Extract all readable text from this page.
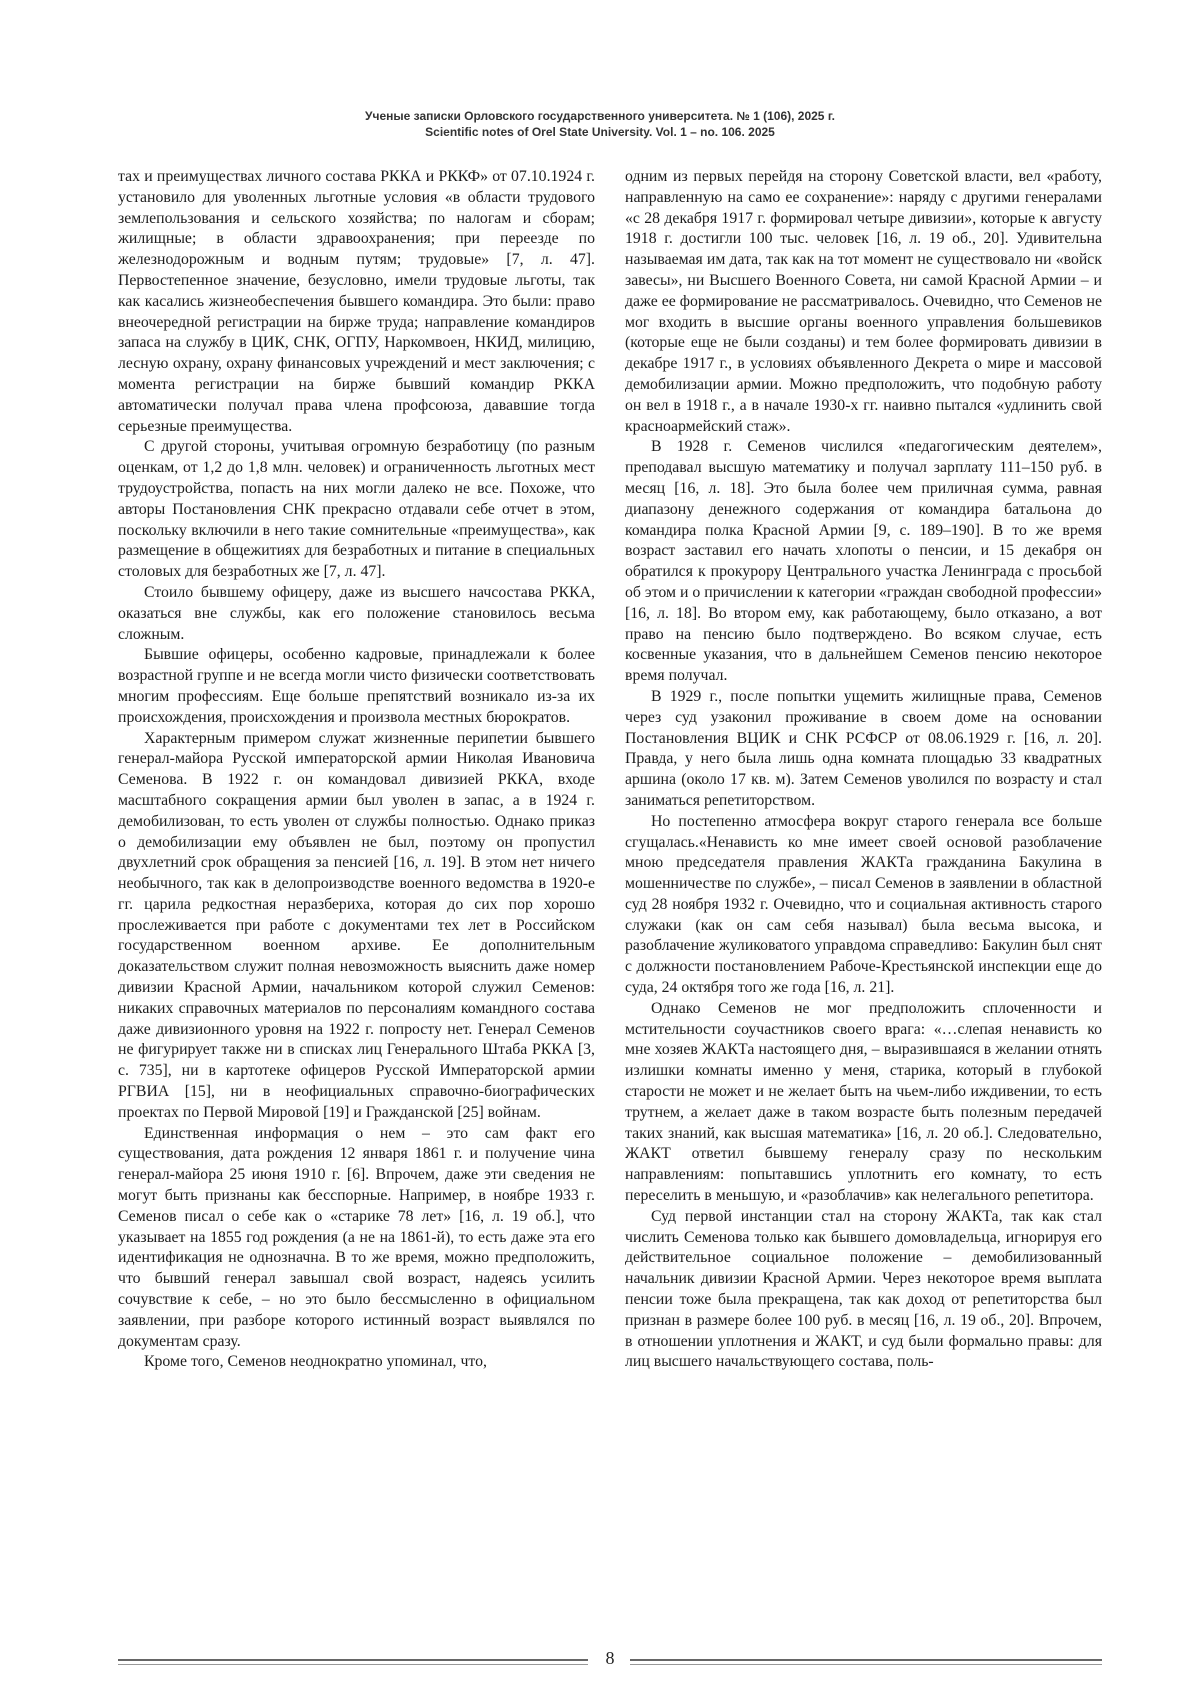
Ученые записки Орловского государственного университета. № 1 (106), 2025 г.
Scientific notes of Orel State University. Vol. 1 – no. 106. 2025

тах и преимуществах личного состава РККА и РККФ» от 07.10.1924 г. установило для уволенных льготные условия «в области трудового землепользования и сельского хозяйства; по налогам и сборам; жилищные; в области здравоохранения; при переезде по железнодорожным и водным путям; трудовые» [7, л. 47]. Первостепенное значение, безусловно, имели трудовые льготы, так как касались жизнеобеспечения бывшего командира. Это были: право внеочередной регистрации на бирже труда; направление командиров запаса на службу в ЦИК, СНК, ОГПУ, Наркомвоен, НКИД, милицию, лесную охрану, охрану финансовых учреждений и мест заключения; с момента регистрации на бирже бывший командир РККА автоматически получал права члена профсоюза, дававшие тогда серьезные преимущества.

С другой стороны, учитывая огромную безработицу (по разным оценкам, от 1,2 до 1,8 млн. человек) и ограниченность льготных мест трудоустройства, попасть на них могли далеко не все. Похоже, что авторы Постановления СНК прекрасно отдавали себе отчет в этом, поскольку включили в него такие сомнительные «преимущества», как размещение в общежитиях для безработных и питание в специальных столовых для безработных же [7, л. 47].

Стоило бывшему офицеру, даже из высшего начсостава РККА, оказаться вне службы, как его положение становилось весьма сложным.

Бывшие офицеры, особенно кадровые, принадлежали к более возрастной группе и не всегда могли чисто физически соответствовать многим профессиям. Еще больше препятствий возникало из-за их происхождения, происхождения и произвола местных бюрократов.

Характерным примером служат жизненные перипетии бывшего генерал-майора Русской императорской армии Николая Ивановича Семенова. В 1922 г. он командовал дивизией РККА, входе масштабного сокращения армии был уволен в запас, а в 1924 г. демобилизован, то есть уволен от службы полностью. Однако приказ о демобилизации ему объявлен не был, поэтому он пропустил двухлетний срок обращения за пенсией [16, л. 19]. В этом нет ничего необычного, так как в делопроизводстве военного ведомства в 1920-е гг. царила редкостная неразбериха, которая до сих пор хорошо прослеживается при работе с документами тех лет в Российском государственном военном архиве. Ее дополнительным доказательством служит полная невозможность выяснить даже номер дивизии Красной Армии, начальником которой служил Семенов: никаких справочных материалов по персоналиям командного состава даже дивизионного уровня на 1922 г. попросту нет. Генерал Семенов не фигурирует также ни в списках лиц Генерального Штаба РККА [3, с. 735], ни в картотеке офицеров Русской Императорской армии РГВИА [15], ни в неофициальных справочно-биографических проектах по Первой Мировой [19] и Гражданской [25] войнам.

Единственная информация о нем – это сам факт его существования, дата рождения 12 января 1861 г. и получение чина генерал-майора 25 июня 1910 г. [6]. Впрочем, даже эти сведения не могут быть признаны как бесспорные. Например, в ноябре 1933 г. Семенов писал о себе как о «старике 78 лет» [16, л. 19 об.], что указывает на 1855 год рождения (а не на 1861-й), то есть даже эта его идентификация не однозначна. В то же время, можно предположить, что бывший генерал завышал свой возраст, надеясь усилить сочувствие к себе, – но это было бессмысленно в официальном заявлении, при разборе которого истинный возраст выявлялся по документам сразу.

Кроме того, Семенов неоднократно упоминал, что,

одним из первых перейдя на сторону Советской власти, вел «работу, направленную на само ее сохранение»: наряду с другими генералами «с 28 декабря 1917 г. формировал четыре дивизии», которые к августу 1918 г. достигли 100 тыс. человек [16, л. 19 об., 20]. Удивительна называемая им дата, так как на тот момент не существовало ни «войск завесы», ни Высшего Военного Совета, ни самой Красной Армии – и даже ее формирование не рассматривалось. Очевидно, что Семенов не мог входить в высшие органы военного управления большевиков (которые еще не были созданы) и тем более формировать дивизии в декабре 1917 г., в условиях объявленного Декрета о мире и массовой демобилизации армии. Можно предположить, что подобную работу он вел в 1918 г., а в начале 1930-х гг. наивно пытался «удлинить свой красноармейский стаж».

В 1928 г. Семенов числился «педагогическим деятелем», преподавал высшую математику и получал зарплату 111–150 руб. в месяц [16, л. 18]. Это была более чем приличная сумма, равная диапазону денежного содержания от командира батальона до командира полка Красной Армии [9, с. 189–190]. В то же время возраст заставил его начать хлопоты о пенсии, и 15 декабря он обратился к прокурору Центрального участка Ленинграда с просьбой об этом и о причислении к категории «граждан свободной профессии» [16, л. 18]. Во втором ему, как работающему, было отказано, а вот право на пенсию было подтверждено. Во всяком случае, есть косвенные указания, что в дальнейшем Семенов пенсию некоторое время получал.

В 1929 г., после попытки ущемить жилищные права, Семенов через суд узаконил проживание в своем доме на основании Постановления ВЦИК и СНК РСФСР от 08.06.1929 г. [16, л. 20]. Правда, у него была лишь одна комната площадью 33 квадратных аршина (около 17 кв. м). Затем Семенов уволился по возрасту и стал заниматься репетиторством.

Но постепенно атмосфера вокруг старого генерала все больше сгущалась.«Ненависть ко мне имеет своей основой разоблачение мною председателя правления ЖАКТа гражданина Бакулина в мошенничестве по службе», – писал Семенов в заявлении в областной суд 28 ноября 1932 г. Очевидно, что и социальная активность старого служаки (как он сам себя называл) была весьма высока, и разоблачение жуликоватого управдома справедливо: Бакулин был снят с должности постановлением Рабоче-Крестьянской инспекции еще до суда, 24 октября того же года [16, л. 21].

Однако Семенов не мог предположить сплоченности и мстительности соучастников своего врага: «…слепая ненависть ко мне хозяев ЖАКТа настоящего дня, – выразившаяся в желании отнять излишки комнаты именно у меня, старика, который в глубокой старости не может и не желает быть на чьем-либо иждивении, то есть трутнем, а желает даже в таком возрасте быть полезным передачей таких знаний, как высшая математика» [16, л. 20 об.]. Следовательно, ЖАКТ ответил бывшему генералу сразу по нескольким направлениям: попытавшись уплотнить его комнату, то есть переселить в меньшую, и «разоблачив» как нелегального репетитора.

Суд первой инстанции стал на сторону ЖАКТа, так как стал числить Семенова только как бывшего домовладельца, игнорируя его действительное социальное положение – демобилизованный начальник дивизии Красной Армии. Через некоторое время выплата пенсии тоже была прекращена, так как доход от репетиторства был признан в размере более 100 руб. в месяц [16, л. 19 об., 20]. Впрочем, в отношении уплотнения и ЖАКТ, и суд были формально правы: для лиц высшего начальствующего состава, поль-

8
